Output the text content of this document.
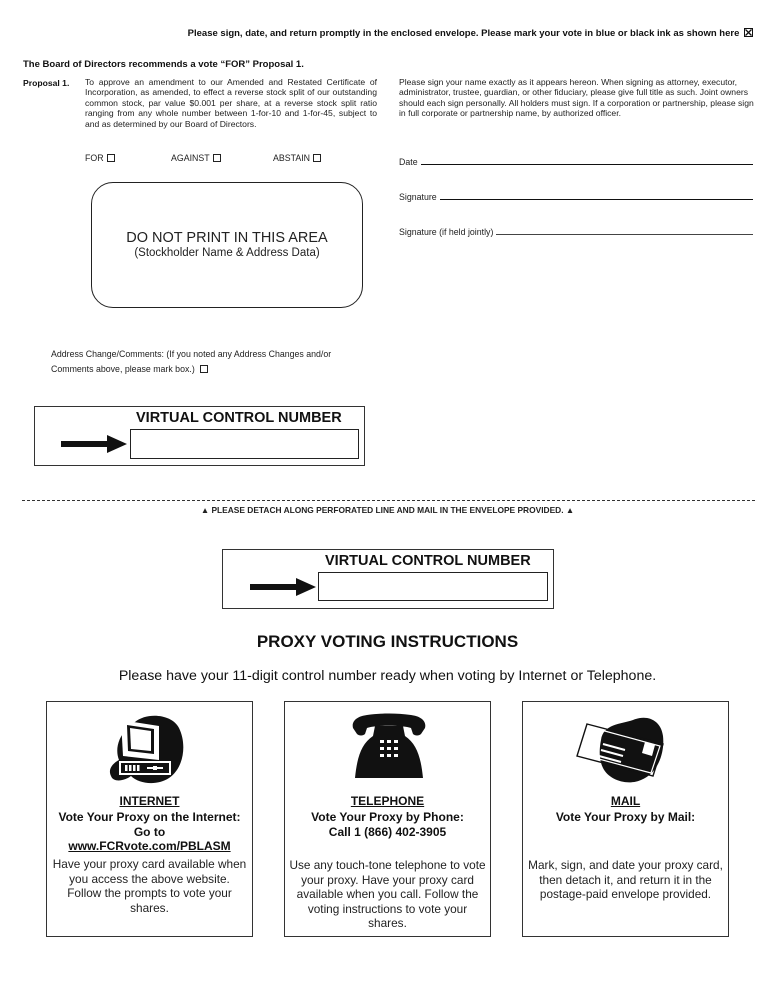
Please sign, date, and return promptly in the enclosed envelope. Please mark your vote in blue or black ink as shown here
The Board of Directors recommends a vote “FOR” Proposal 1.
Proposal 1. To approve an amendment to our Amended and Restated Certificate of Incorporation, as amended, to effect a reverse stock split of our outstanding common stock, par value $0.001 per share, at a reverse stock split ratio ranging from any whole number between 1-for-10 and 1-for-45, subject to and as determined by our Board of Directors.
FOR	AGAINST	ABSTAIN
DO NOT PRINT IN THIS AREA
(Stockholder Name & Address Data)
Address Change/Comments: (If you noted any Address Changes and/or Comments above, please mark box.)
VIRTUAL CONTROL NUMBER
Please sign your name exactly as it appears hereon. When signing as attorney, executor, administrator, trustee, guardian, or other fiduciary, please give full title as such. Joint owners should each sign personally. All holders must sign. If a corporation or partnership, please sign in full corporate or partnership name, by authorized officer.
Date
Signature
Signature (if held jointly)
▲ PLEASE DETACH ALONG PERFORATED LINE AND MAIL IN THE ENVELOPE PROVIDED. ▲
VIRTUAL CONTROL NUMBER
PROXY VOTING INSTRUCTIONS
Please have your 11-digit control number ready when voting by Internet or Telephone.
INTERNET
Vote Your Proxy on the Internet:
Go to
www.FCRvote.com/PBLASM
Have your proxy card available when you access the above website. Follow the prompts to vote your shares.
TELEPHONE
Vote Your Proxy by Phone:
Call 1 (866) 402-3905
Use any touch-tone telephone to vote your proxy. Have your proxy card available when you call. Follow the voting instructions to vote your shares.
MAIL
Vote Your Proxy by Mail:
Mark, sign, and date your proxy card, then detach it, and return it in the postage-paid envelope provided.
